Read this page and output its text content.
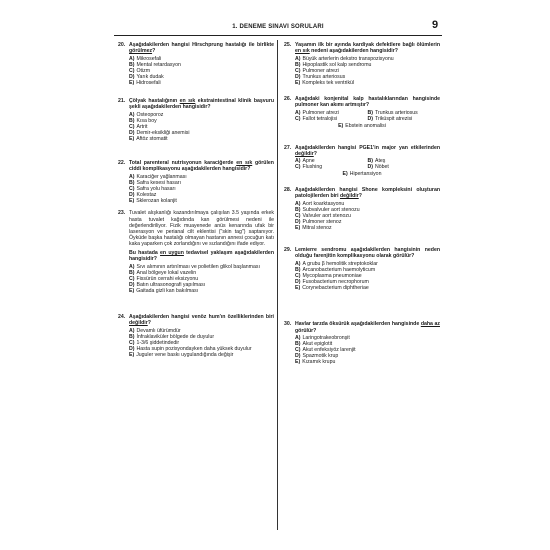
1. DENEME SINAVI SORULARI	9
20. Aşağıdakilerden hangisi Hirschprung hastalığı ile birlikte görülmez?
A) Mikrosefali
B) Mental retardasyon
C) Otizm
D) Yarık dudak
E) Hidrosefali
21. Çölyak hastalığının en sık ekstraintestinal klinik başvuru şekli aşağıdakilerden hangisidir?
A) Osteoporoz
B) Kısa boy
C) Artrit
D) Demir-eksikliği anemisi
E) Aftöz stomatit
22. Total parenteral nutrisyonun karaciğerde en sık görülen ciddi komplikasyonu aşağıdakilerden hangisidir?
A) Karaciğer yağlanması
B) Safra kesesi hasarı
C) Safra yolu hasarı
D) Kolestaz
E) Sklerozan kolanjit
23. Tuvalet alışkanlığı kazandırılmaya çalışılan 3.5 yaşında erkek hasta tuvalet kağıdında kan görülmesi nedeni ile değerlendiriliyor. Fizik muayenede anüs kenarında ufak bir laserasyon ve perianal cilt eklentisi ("skin tag") saptanıyor. Öyküde başka hastalığı olmayan hastanın annesi çocuğun katı kaka yaparken çok zorlandığını ve sızlandığını ifade ediyor.
Bu hastada en uygun tedavisel yaklaşım aşağıdakilerden hangisidir?
A) Sıvı alımının artırılması ve polietilen glikol başlanması
B) Anal bölgeye lokal vazelin
C) Fissürün cerrahi eksizyonu
D) Batın ultrasonografi yapılması
E) Gaitada gizli kan bakılması
24. Aşağıdakilerden hangisi venöz hum'ın özelliklerinden biri değildir?
A) Devamlı üfürümdür
B) İnfraklaviküler bölgede de duyulur
C) 1-3/6 şiddetindedir
D) Hasta supin pozisyondayken daha yüksek duyulur
E) Juguler vene baskı uygulandığında değişir
25. Yaşamın ilk bir ayında kardiyak defektlere bağlı ölümlerin en sık nedeni aşağıdakilerden hangisidir?
A) Büyük arterlerin dekstro transpozisyonu
B) Hipoplastik sol kalp sendromu
C) Pulmoner atrezi
D) Trunkus arteriosus
E) Kompleks tek ventrikül
26. Aşağıdaki konjenital kalp hastalıklarından hangisinde pulmoner kan akımı artmıştır?
A) Pulmoner atrezi	B) Trunkus arteriosus
C) Fallot tetralojisi	D) Triküspit atrezisi
E) Ebstein anomalisi
27. Aşağıdakilerden hangisi PGE1'in major yan etkilerinden değildir?
A) Apne	B) Ateş
C) Flushing	D) Nöbet
E) Hipertansiyon
28. Aşağıdakilerden hangisi Shone kompleksini oluşturan patolojilerden biri değildir?
A) Aort koarktasyonu
B) Subvalvuler aort stenozu
C) Valvuler aort stenozu
D) Pulmoner stenoz
E) Mitral stenoz
29. Lemierre sendromu aşağıdakilerden hangisinin neden olduğu farenjitin komplikasyonu olarak görülür?
A) A grubu β hemolitik streptokoklar
B) Arcanobacterium haemolyticum
C) Mycoplasma pneumoniae
D) Fusobacterium necrophorum
E) Corynebacterium diphtheriae
30. Havlar tarzda öksürük aşağıdakilerden hangisinde daha az görülür?
A) Laringotrakeobronşit
B) Akut epiglotit
C) Akut enfeksiyöz larenjit
D) Spazmotik krup
E) Kızamık krupu
